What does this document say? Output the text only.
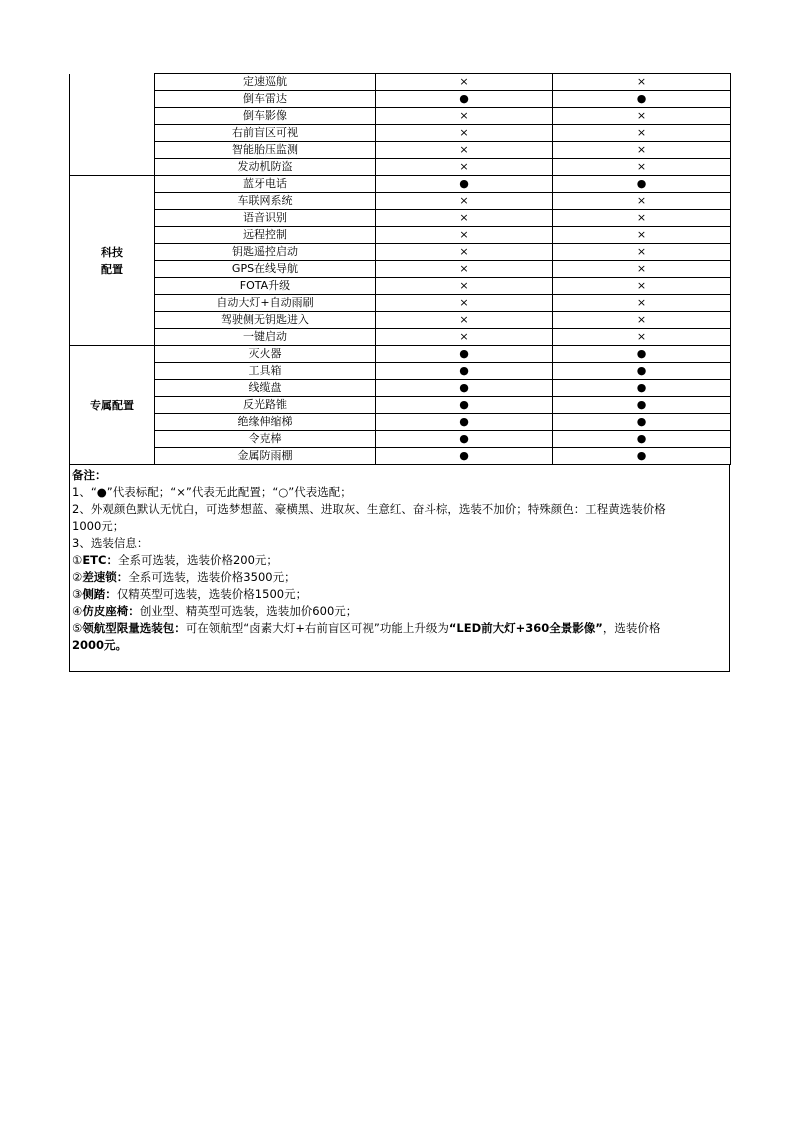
	定速巡航	×	×
	倒车雷达	●	●
	倒车影像	×	×
	右前盲区可视	×	×
	智能胎压监测	×	×
	发动机防盗	×	×

科技
配置	蓝牙电话	●	●
	车联网系统	×	×
	语音识别	×	×
	远程控制	×	×
	钥匙遥控启动	×	×
	GPS在线导航	×	×
	FOTA升级	×	×
	自动大灯+自动雨刷	×	×
	驾驶侧无钥匙进入	×	×
	一键启动	×	×

专属配置	灭火器	●	●
	工具箱	●	●
	线缆盘	●	●
	反光路锥	●	●
	绝缘伸缩梯	●	●
	令克棒	●	●
	金属防雨棚	●	●

备注：

1、“●”代表标配；“×”代表无此配置；“○”代表选配；

2、外观颜色默认无忧白，可选梦想蓝、豪横黑、进取灰、生意红、奋斗棕，选装不加价；特殊颜色：工程黄选装价格

1000元；

3、选装信息：

①ETC：全系可选装，选装价格200元；

②差速锁：全系可选装，选装价格3500元；

③侧踏：仅精英型可选装，选装价格1500元；

④仿皮座椅：创业型、精英型可选装，选装加价600元；

⑤领航型限量选装包：可在领航型“卤素大灯+右前盲区可视”功能上升级为“LED前大灯+360全景影像”，选装价格

2000元。
